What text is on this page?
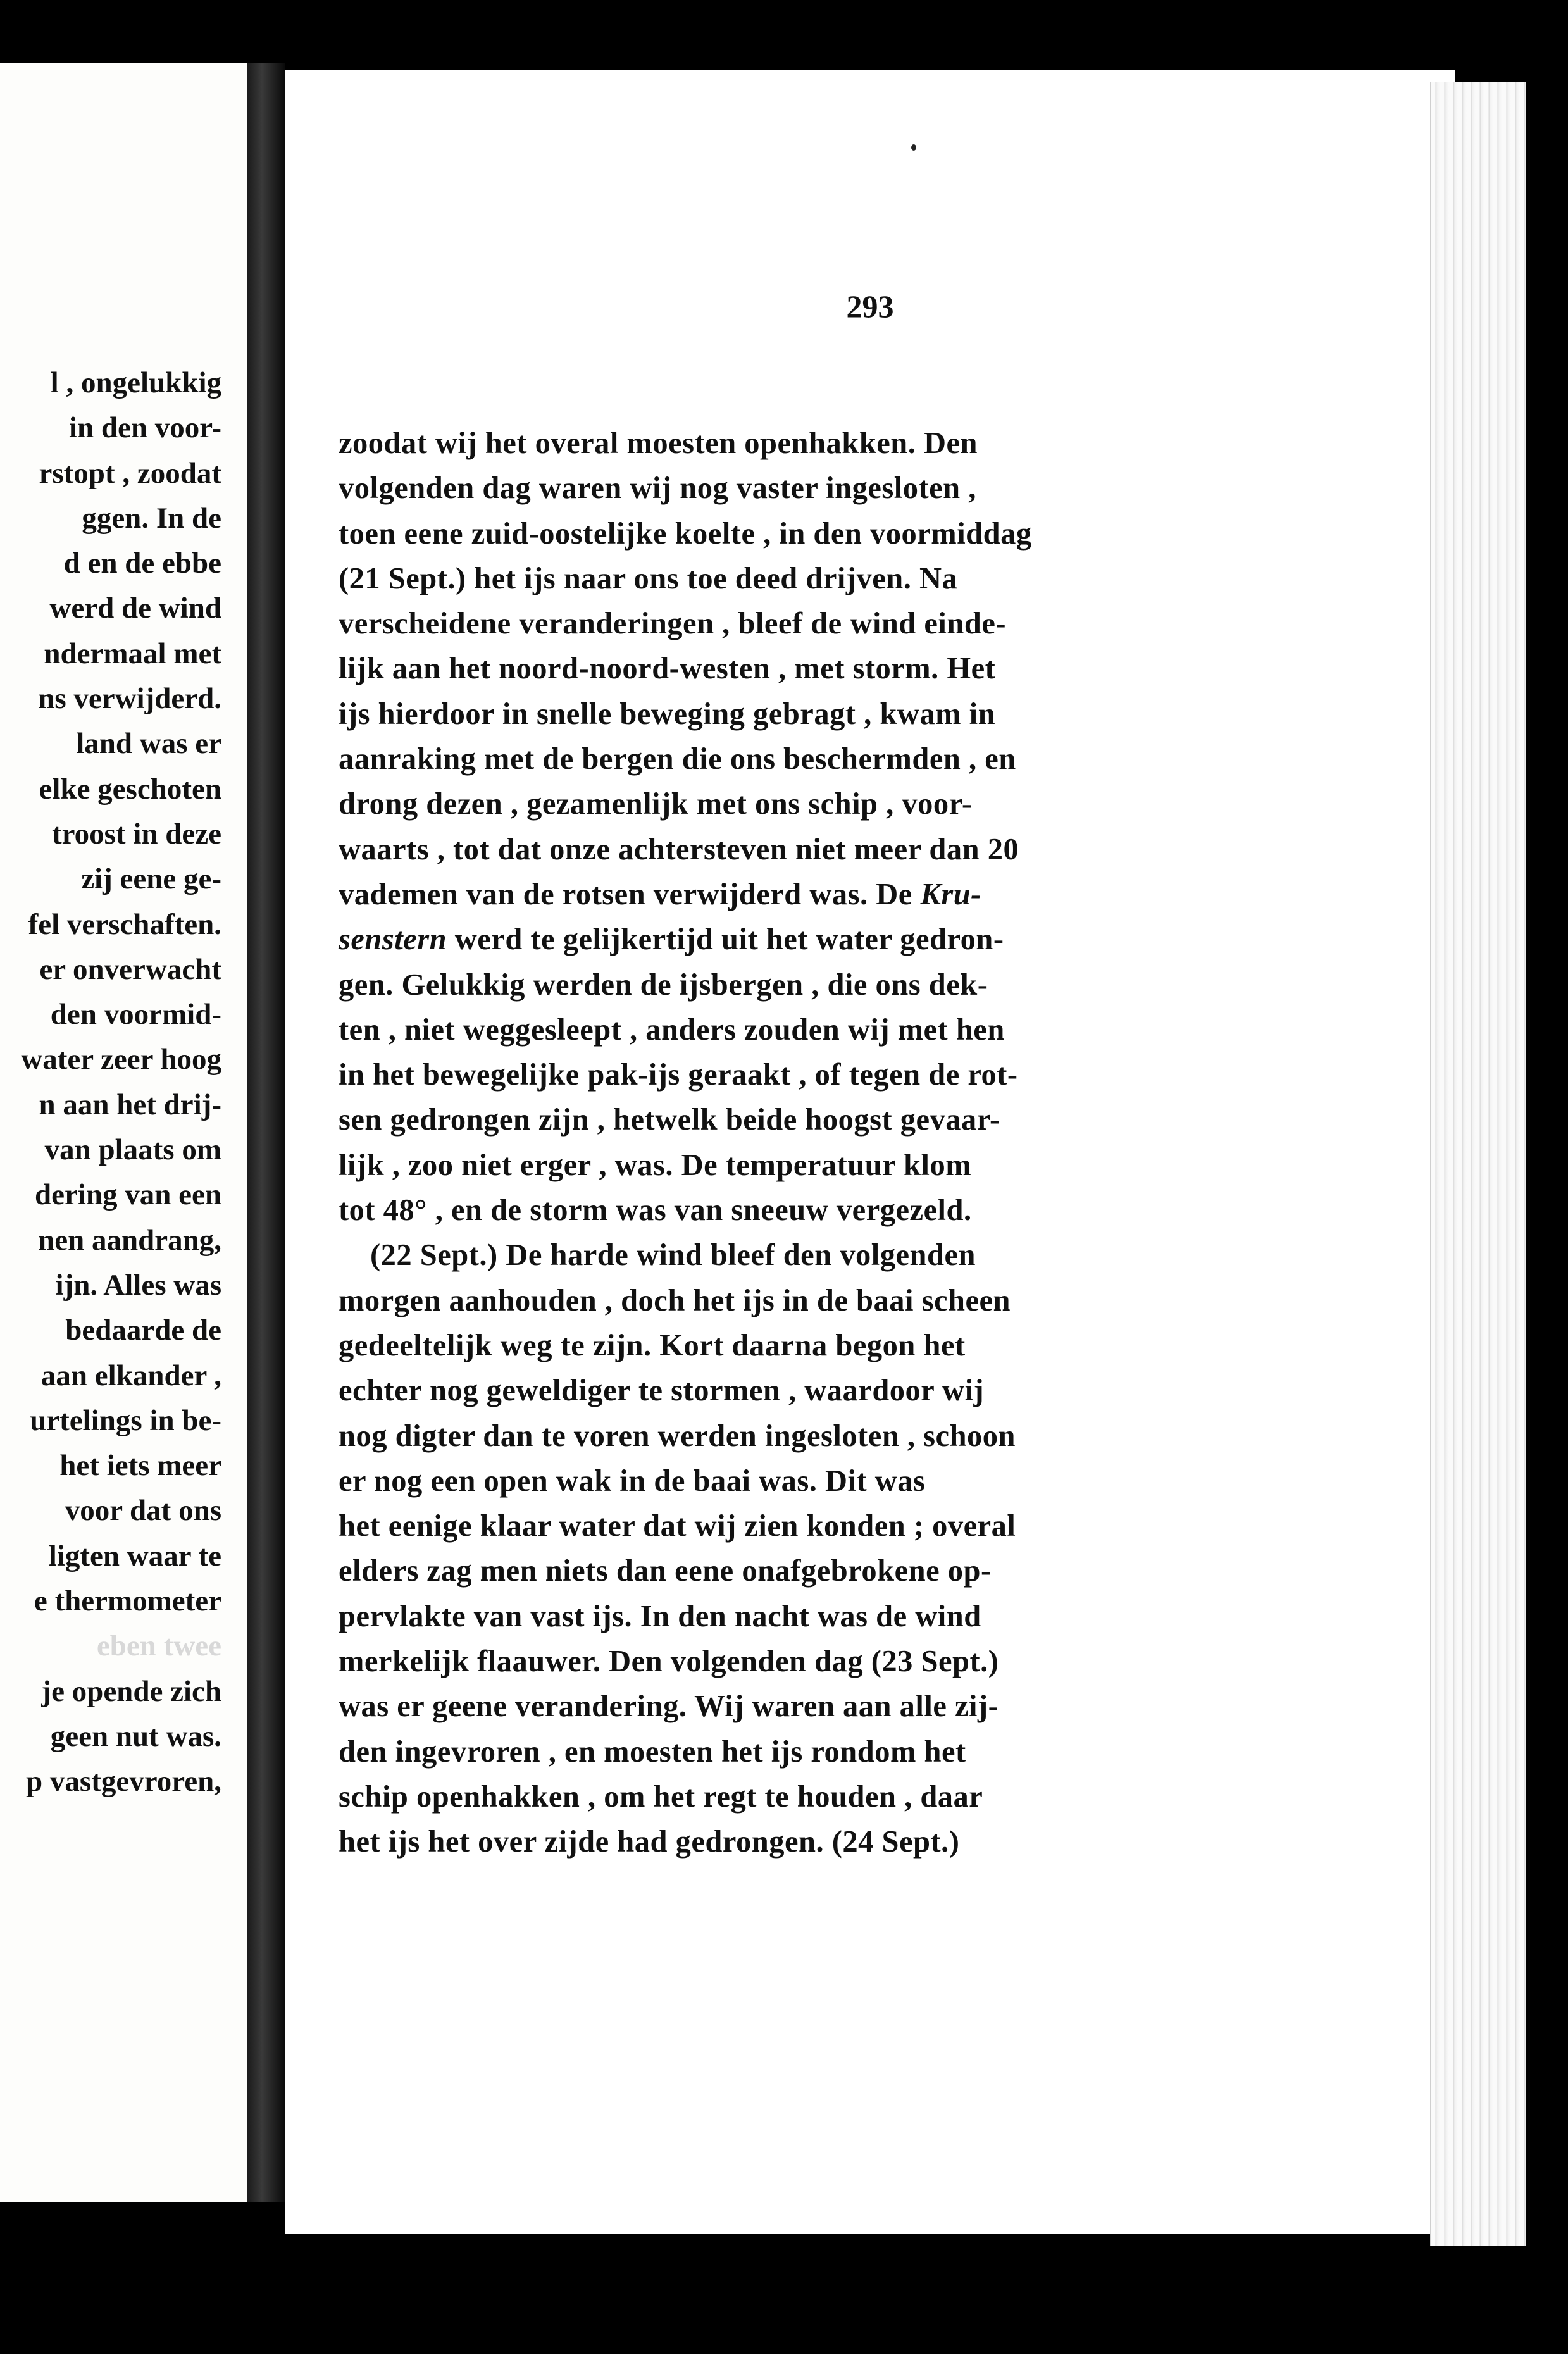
l , ongelukkig
in den voor-
rstopt , zoodat
ggen. In de
d en de ebbe
werd de wind
ndermaal met
ns verwijderd.
land was er
elke geschoten
troost in deze
zij eene ge-
fel verschaften.
er onverwacht
den voormid-
water zeer hoog
n aan het drij-
van plaats om
dering van een
nen aandrang,
ijn. Alles was
bedaarde de
aan elkander ,
urtelings in be-
het iets meer
voor dat ons
ligten waar te
e thermometer
eben twee
je opende zich
geen nut was.
p vastgevroren,
293
zoodat wij het overal moesten openhakken. Den
volgenden dag waren wij nog vaster ingesloten ,
toen eene zuid-oostelijke koelte , in den voormiddag
(21 Sept.) het ijs naar ons toe deed drijven. Na
verscheidene veranderingen , bleef de wind einde-
lijk aan het noord-noord-westen , met storm. Het
ijs hierdoor in snelle beweging gebragt , kwam in
aanraking met de bergen die ons beschermden , en
drong dezen , gezamenlijk met ons schip , voor-
waarts , tot dat onze achtersteven niet meer dan 20
vademen van de rotsen verwijderd was. De Kru-
senstern werd te gelijkertijd uit het water gedron-
gen. Gelukkig werden de ijsbergen , die ons dek-
ten , niet weggesleept , anders zouden wij met hen
in het bewegelijke pak-ijs geraakt , of tegen de rot-
sen gedrongen zijn , hetwelk beide hoogst gevaar-
lijk , zoo niet erger , was. De temperatuur klom
tot 48° , en de storm was van sneeuw vergezeld.
(22 Sept.) De harde wind bleef den volgenden
morgen aanhouden , doch het ijs in de baai scheen
gedeeltelijk weg te zijn. Kort daarna begon het
echter nog geweldiger te stormen , waardoor wij
nog digter dan te voren werden ingesloten , schoon
er nog een open wak in de baai was. Dit was
het eenige klaar water dat wij zien konden ; overal
elders zag men niets dan eene onafgebrokene op-
pervlakte van vast ijs. In den nacht was de wind
merkelijk flaauwer. Den volgenden dag (23 Sept.)
was er geene verandering. Wij waren aan alle zij-
den ingevroren , en moesten het ijs rondom het
schip openhakken , om het regt te houden , daar
het ijs het over zijde had gedrongen. (24 Sept.)
